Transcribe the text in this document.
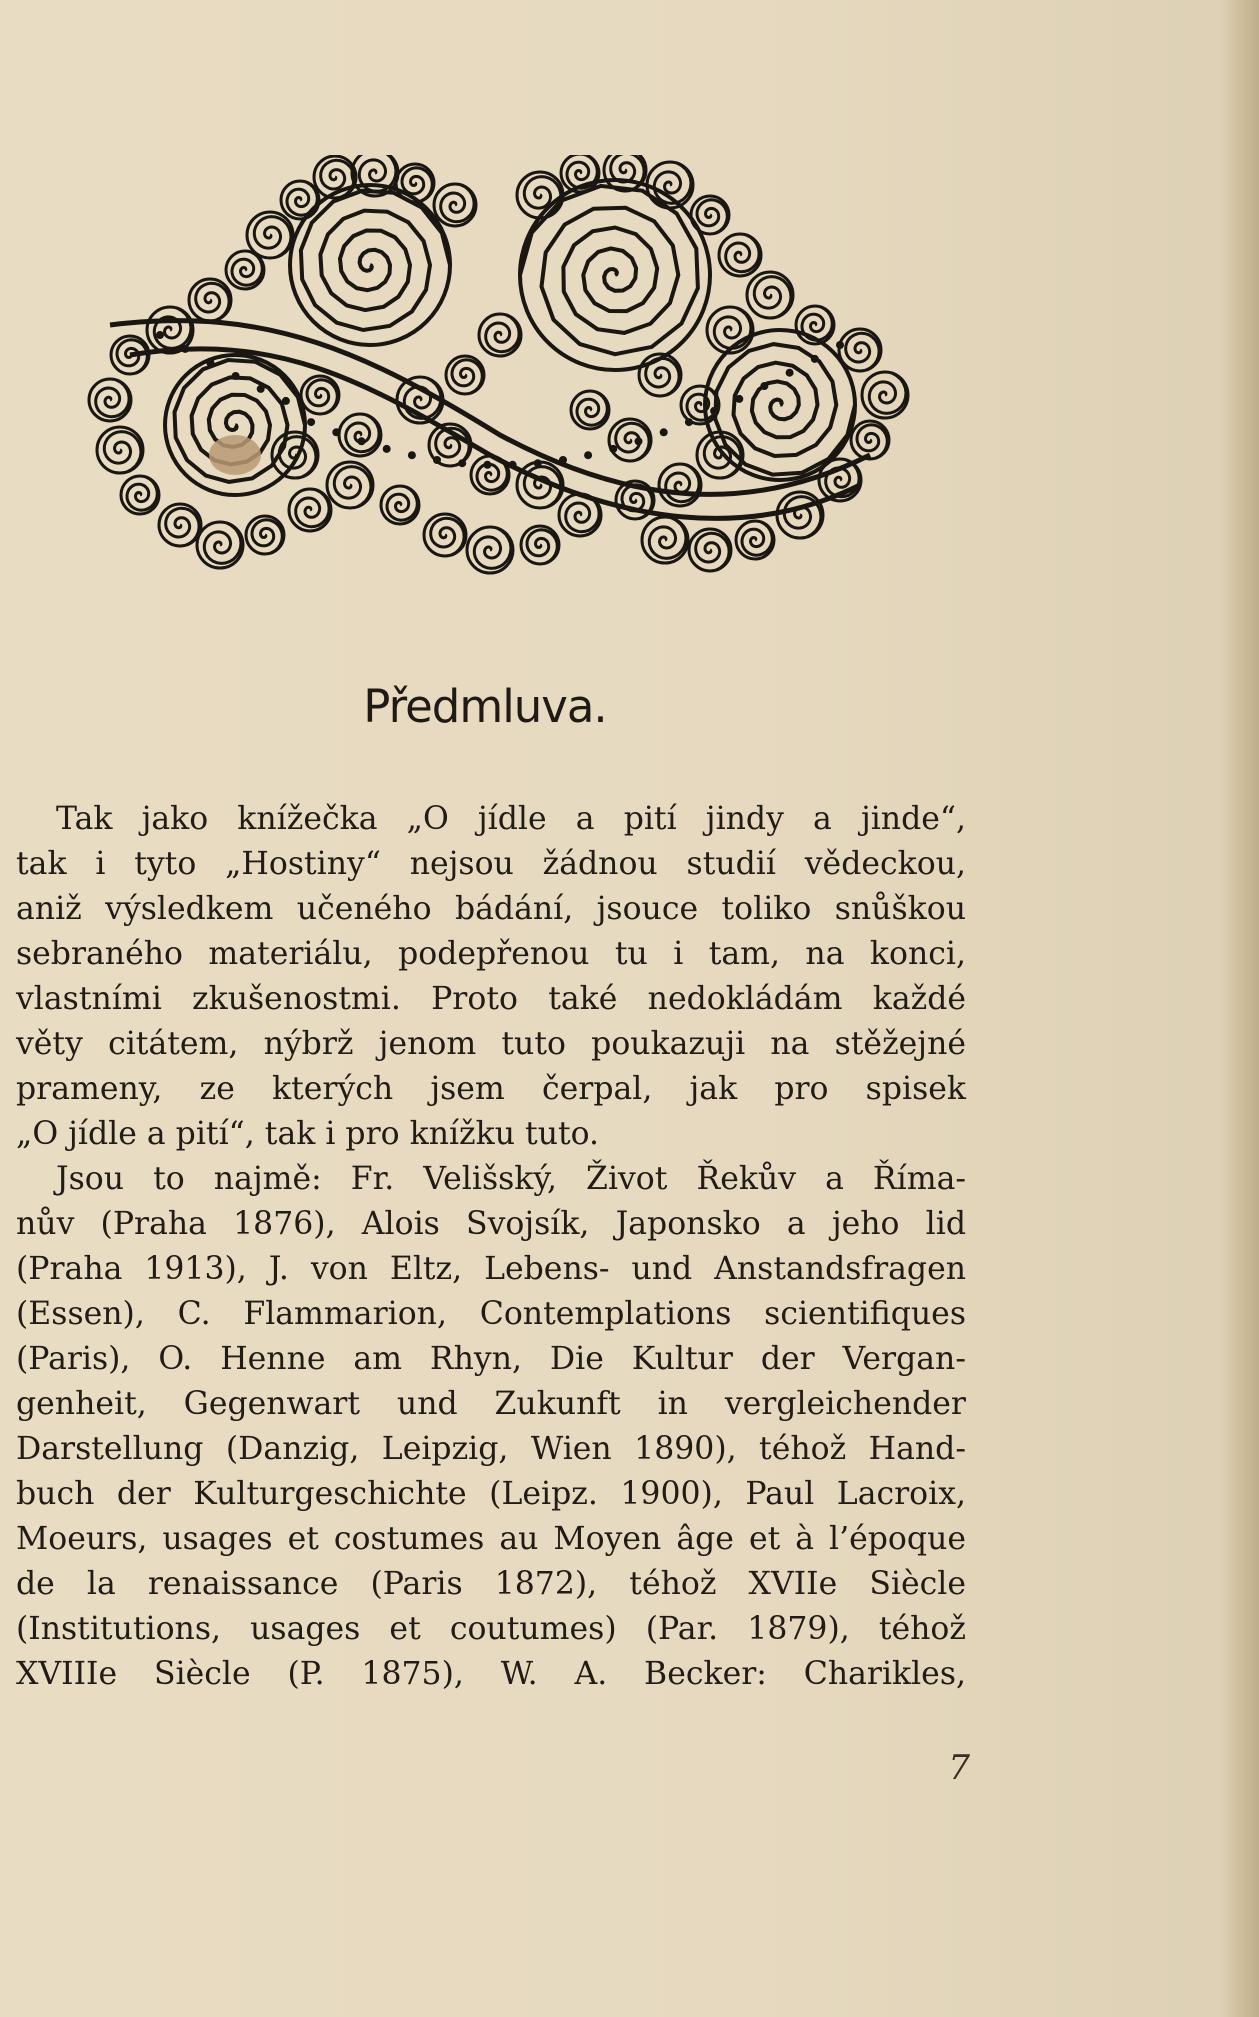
Předmluva.
Tak jako knížečka „O jídle a pití jindy a jinde“,
tak i tyto „Hostiny“ nejsou žádnou studií vědeckou,
aniž výsledkem učeného bádání, jsouce toliko snůškou
sebraného materiálu, podepřenou tu i tam, na konci,
vlastními zkušenostmi. Proto také nedokládám každé
věty citátem, nýbrž jenom tuto poukazuji na stěžejné
prameny, ze kterých jsem čerpal, jak pro spisek
„O jídle a pití“, tak i pro knížku tuto.
Jsou to najmě: Fr. Velišský, Život Řekův a Říma-
nův (Praha 1876), Alois Svojsík, Japonsko a jeho lid
(Praha 1913), J. von Eltz, Lebens- und Anstandsfragen
(Essen), C. Flammarion, Contemplations scientifiques
(Paris), O. Henne am Rhyn, Die Kultur der Vergan-
genheit, Gegenwart und Zukunft in vergleichender
Darstellung (Danzig, Leipzig, Wien 1890), téhož Hand-
buch der Kulturgeschichte (Leipz. 1900), Paul Lacroix,
Moeurs, usages et costumes au Moyen âge et à l’époque
de la renaissance (Paris 1872), téhož XVIIe Siècle
(Institutions, usages et coutumes) (Par. 1879), téhož
XVIIIe Siècle (P. 1875), W. A. Becker: Charikles,
7
